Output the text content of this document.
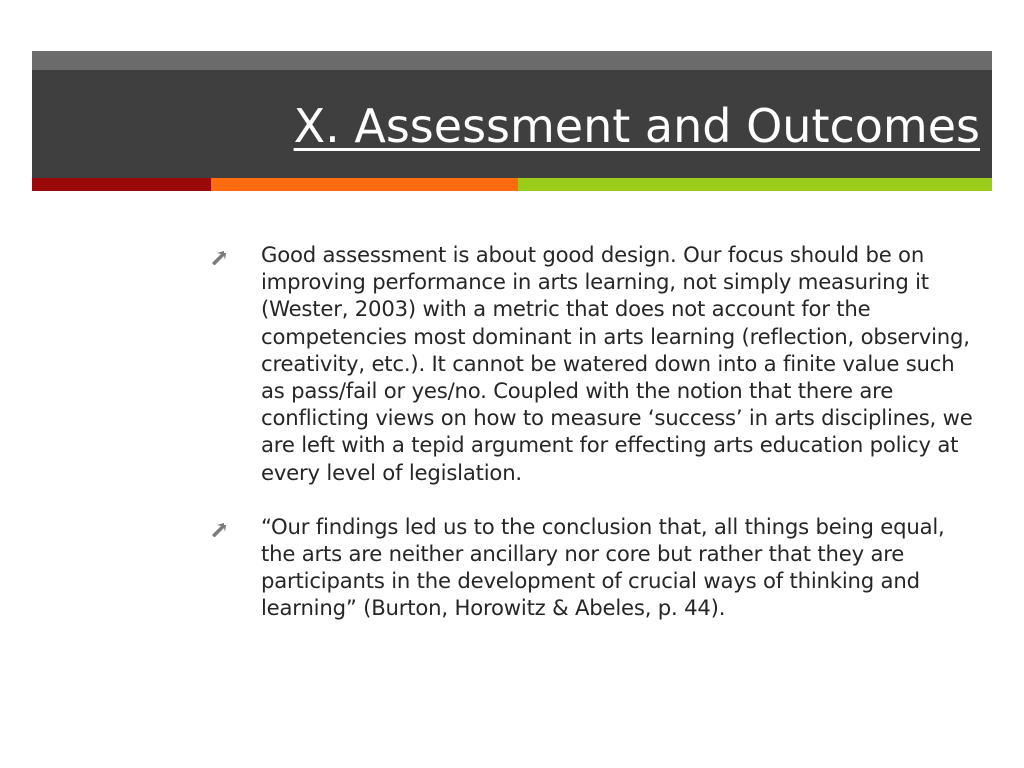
X. Assessment and Outcomes
Good assessment is about good design. Our focus should be on improving performance in arts learning, not simply measuring it (Wester, 2003) with a metric that does not account for the competencies most dominant in arts learning (reflection, observing, creativity, etc.). It cannot be watered down into a finite value such as pass/fail or yes/no. Coupled with the notion that there are conflicting views on how to measure ‘success’ in arts disciplines, we are left with a tepid argument for effecting arts education policy at every level of legislation.
“Our findings led us to the conclusion that, all things being equal, the arts are neither ancillary nor core but rather that they are participants in the development of crucial ways of thinking and learning” (Burton, Horowitz & Abeles, p. 44).
